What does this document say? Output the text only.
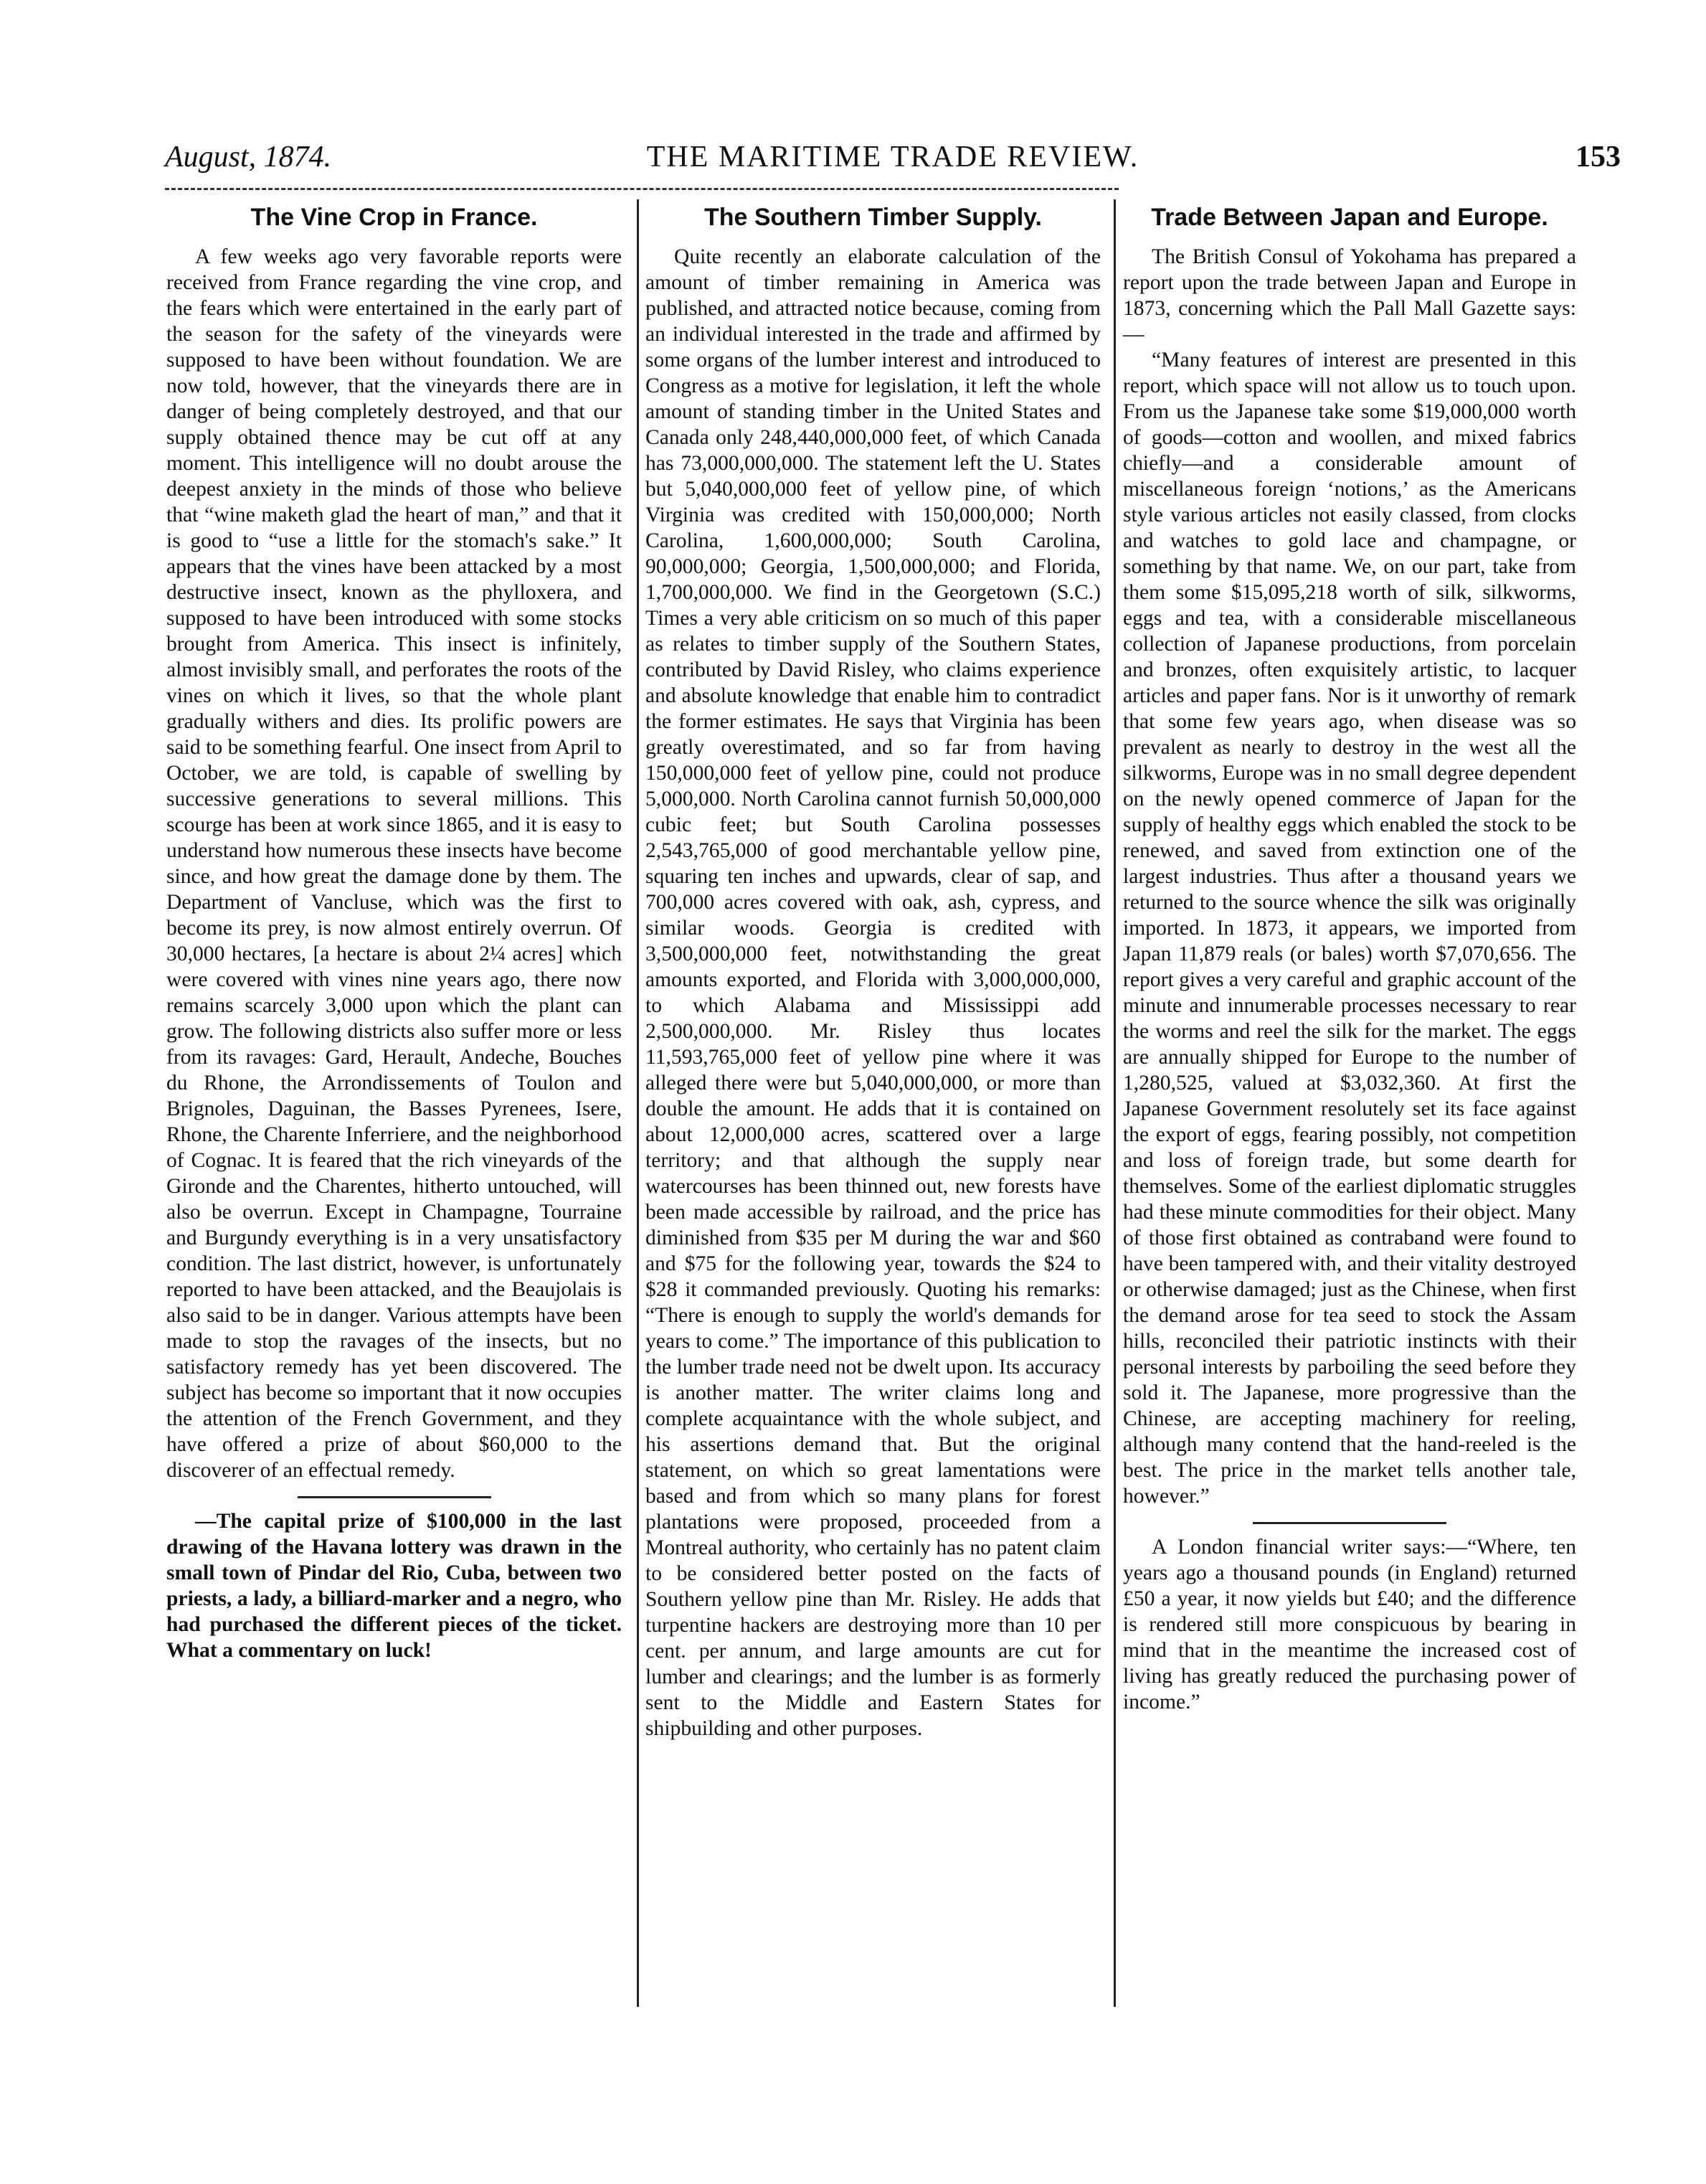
August, 1874.	THE MARITIME TRADE REVIEW.	153
The Vine Crop in France.

A few weeks ago very favorable reports were received from France regarding the vine crop, and the fears which were entertained in the early part of the season for the safety of the vineyards were supposed to have been without foundation. We are now told, however, that the vineyards there are in danger of being completely destroyed, and that our supply obtained thence may be cut off at any moment. This intelligence will no doubt arouse the deepest anxiety in the minds of those who believe that “wine maketh glad the heart of man,” and that it is good to “use a little for the stomach's sake.” It appears that the vines have been attacked by a most destructive insect, known as the phylloxera, and supposed to have been introduced with some stocks brought from America. This insect is infinitely, almost invisibly small, and perforates the roots of the vines on which it lives, so that the whole plant gradually withers and dies. Its prolific powers are said to be something fearful. One insect from April to October, we are told, is capable of swelling by successive generations to several millions. This scourge has been at work since 1865, and it is easy to understand how numerous these insects have become since, and how great the damage done by them. The Department of Vancluse, which was the first to become its prey, is now almost entirely overrun. Of 30,000 hectares, [a hectare is about 2¼ acres] which were covered with vines nine years ago, there now remains scarcely 3,000 upon which the plant can grow. The following districts also suffer more or less from its ravages: Gard, Herault, Andeche, Bouches du Rhone, the Arrondissements of Toulon and Brignoles, Daguinan, the Basses Pyrenees, Isere, Rhone, the Charente Inferriere, and the neighborhood of Cognac. It is feared that the rich vineyards of the Gironde and the Charentes, hitherto untouched, will also be overrun. Except in Champagne, Tourraine and Burgundy everything is in a very unsatisfactory condition. The last district, however, is unfortunately reported to have been attacked, and the Beaujolais is also said to be in danger. Various attempts have been made to stop the ravages of the insects, but no satisfactory remedy has yet been discovered. The subject has become so important that it now occupies the attention of the French Government, and they have offered a prize of about $60,000 to the discoverer of an effectual remedy.

—The capital prize of $100,000 in the last drawing of the Havana lottery was drawn in the small town of Pindar del Rio, Cuba, between two priests, a lady, a billiard-marker and a negro, who had purchased the different pieces of the ticket. What a commentary on luck!

The Southern Timber Supply.

Quite recently an elaborate calculation of the amount of timber remaining in America was published, and attracted notice because, coming from an individual interested in the trade and affirmed by some organs of the lumber interest and introduced to Congress as a motive for legislation, it left the whole amount of standing timber in the United States and Canada only 248,440,000,000 feet, of which Canada has 73,000,000,000. The statement left the U. States but 5,040,000,000 feet of yellow pine, of which Virginia was credited with 150,000,000; North Carolina, 1,600,000,000; South Carolina, 90,000,000; Georgia, 1,500,000,000; and Florida, 1,700,000,000. We find in the Georgetown (S.C.) Times a very able criticism on so much of this paper as relates to timber supply of the Southern States, contributed by David Risley, who claims experience and absolute knowledge that enable him to contradict the former estimates. He says that Virginia has been greatly overestimated, and so far from having 150,000,000 feet of yellow pine, could not produce 5,000,000. North Carolina cannot furnish 50,000,000 cubic feet; but South Carolina possesses 2,543,765,000 of good merchantable yellow pine, squaring ten inches and upwards, clear of sap, and 700,000 acres covered with oak, ash, cypress, and similar woods. Georgia is credited with 3,500,000,000 feet, notwithstanding the great amounts exported, and Florida with 3,000,000,000, to which Alabama and Mississippi add 2,500,000,000. Mr. Risley thus locates 11,593,765,000 feet of yellow pine where it was alleged there were but 5,040,000,000, or more than double the amount. He adds that it is contained on about 12,000,000 acres, scattered over a large territory; and that although the supply near watercourses has been thinned out, new forests have been made accessible by railroad, and the price has diminished from $35 per M during the war and $60 and $75 for the following year, towards the $24 to $28 it commanded previously. Quoting his remarks: “There is enough to supply the world's demands for years to come.” The importance of this publication to the lumber trade need not be dwelt upon. Its accuracy is another matter. The writer claims long and complete acquaintance with the whole subject, and his assertions demand that. But the original statement, on which so great lamentations were based and from which so many plans for forest plantations were proposed, proceeded from a Montreal authority, who certainly has no patent claim to be considered better posted on the facts of Southern yellow pine than Mr. Risley. He adds that turpentine hackers are destroying more than 10 per cent. per annum, and large amounts are cut for lumber and clearings; and the lumber is as formerly sent to the Middle and Eastern States for shipbuilding and other purposes.

Trade Between Japan and Europe.

The British Consul of Yokohama has prepared a report upon the trade between Japan and Europe in 1873, concerning which the Pall Mall Gazette says:—

“Many features of interest are presented in this report, which space will not allow us to touch upon. From us the Japanese take some $19,000,000 worth of goods—cotton and woollen, and mixed fabrics chiefly—and a considerable amount of miscellaneous foreign ‘notions,’ as the Americans style various articles not easily classed, from clocks and watches to gold lace and champagne, or something by that name. We, on our part, take from them some $15,095,218 worth of silk, silkworms, eggs and tea, with a considerable miscellaneous collection of Japanese productions, from porcelain and bronzes, often exquisitely artistic, to lacquer articles and paper fans. Nor is it unworthy of remark that some few years ago, when disease was so prevalent as nearly to destroy in the west all the silkworms, Europe was in no small degree dependent on the newly opened commerce of Japan for the supply of healthy eggs which enabled the stock to be renewed, and saved from extinction one of the largest industries. Thus after a thousand years we returned to the source whence the silk was originally imported. In 1873, it appears, we imported from Japan 11,879 reals (or bales) worth $7,070,656. The report gives a very careful and graphic account of the minute and innumerable processes necessary to rear the worms and reel the silk for the market. The eggs are annually shipped for Europe to the number of 1,280,525, valued at $3,032,360. At first the Japanese Government resolutely set its face against the export of eggs, fearing possibly, not competition and loss of foreign trade, but some dearth for themselves. Some of the earliest diplomatic struggles had these minute commodities for their object. Many of those first obtained as contraband were found to have been tampered with, and their vitality destroyed or otherwise damaged; just as the Chinese, when first the demand arose for tea seed to stock the Assam hills, reconciled their patriotic instincts with their personal interests by parboiling the seed before they sold it. The Japanese, more progressive than the Chinese, are accepting machinery for reeling, although many contend that the hand-reeled is the best. The price in the market tells another tale, however.”

A London financial writer says:—“Where, ten years ago a thousand pounds (in England) returned £50 a year, it now yields but £40; and the difference is rendered still more conspicuous by bearing in mind that in the meantime the increased cost of living has greatly reduced the purchasing power of income.”
